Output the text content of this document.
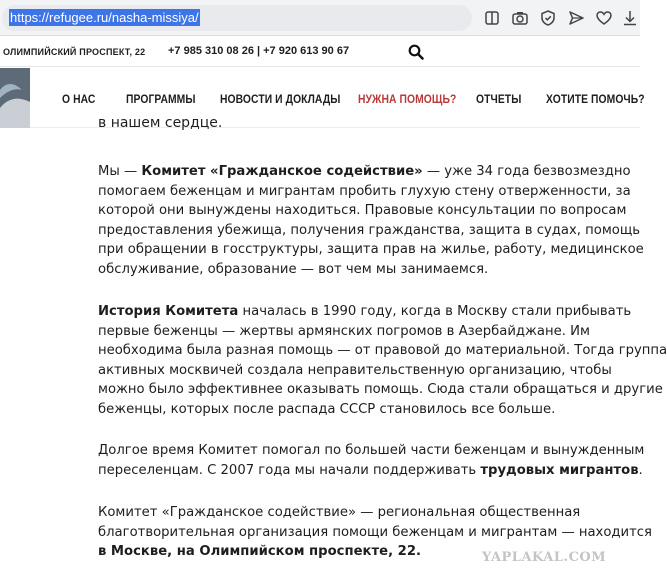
https://refugee.ru/nasha-missiya/
ОЛИМПИЙСКИЙ ПРОСПЕКТ, 22 +7 985 310 08 26 | +7 920 613 90 67
О НАС	ПРОГРАММЫ НОВОСТИ И ДОКЛАДЫ НУЖНА ПОМОЩЬ? ОТЧЕТЫ ХОТИТЕ ПОМОЧЬ?
в нашем сердце.
Мы — Комитет «Гражданское содействие» — уже 34 года безвозмездно
помогаем беженцам и мигрантам пробить глухую стену отверженности, за
которой они вынуждены находиться. Правовые консультации по вопросам
предоставления убежища, получения гражданства, защита в судах, помощь
при обращении в госструктуры, защита прав на жилье, работу, медицинское
обслуживание, образование — вот чем мы занимаемся.
История Комитета началась в 1990 году, когда в Москву стали прибывать
первые беженцы — жертвы армянских погромов в Азербайджане. Им
необходима была разная помощь — от правовой до материальной. Тогда группа
активных москвичей создала неправительственную организацию, чтобы
можно было эффективнее оказывать помощь. Сюда стали обращаться и другие
беженцы, которых после распада СССР становилось все больше.
Долгое время Комитет помогал по большей части беженцам и вынужденным
переселенцам. С 2007 года мы начали поддерживать трудовых мигрантов.
Комитет «Гражданское содействие» — региональная общественная
благотворительная организация помощи беженцам и мигрантам — находится
в Москве, на Олимпийском проспекте, 22.	YAPLAKAL.COM
